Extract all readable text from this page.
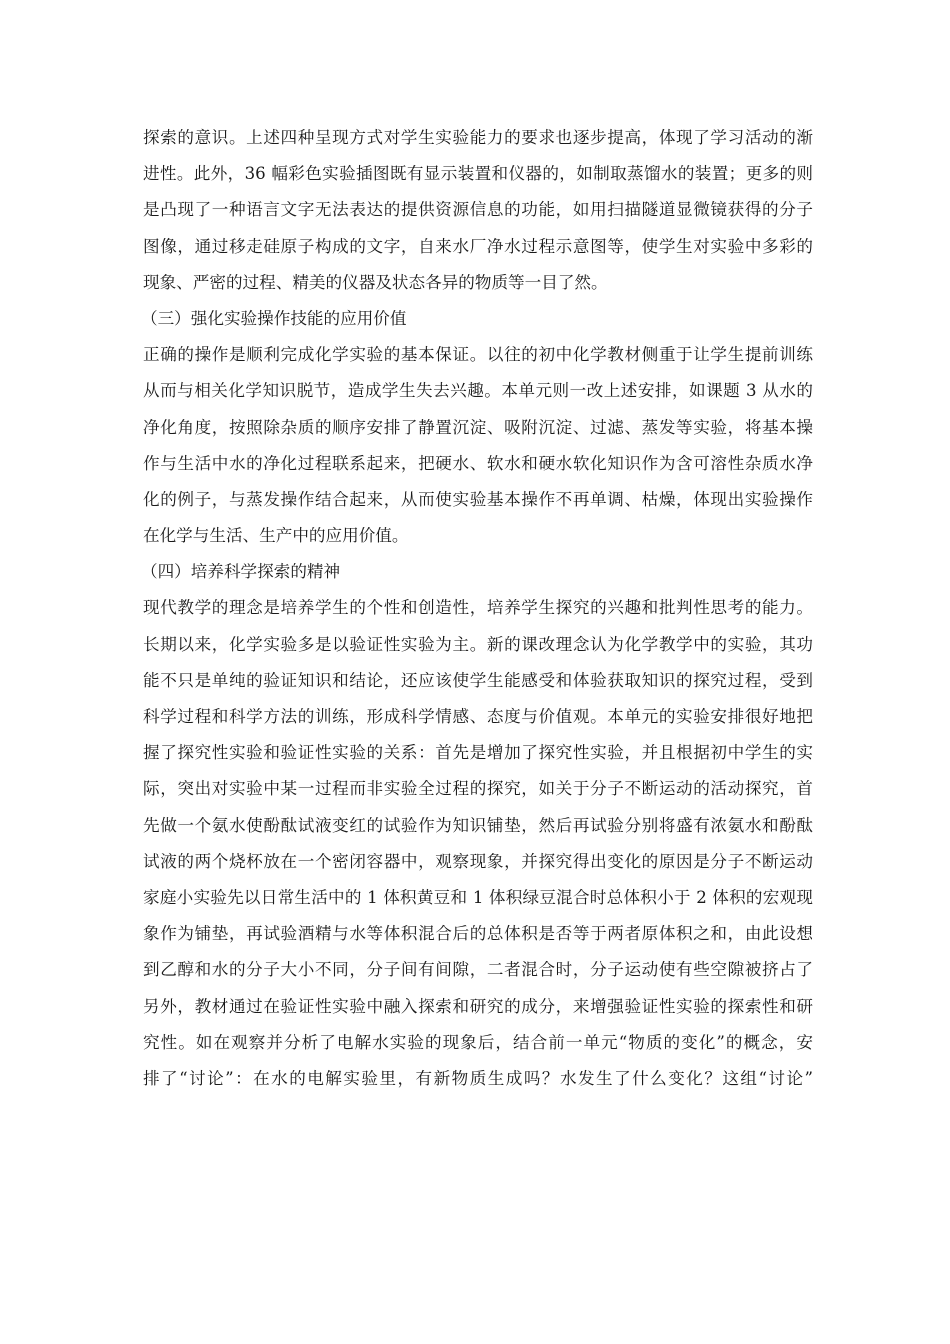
探索的意识。上述四种呈现方式对学生实验能力的要求也逐步提高，体现了学习活动的渐
进性。此外，36 幅彩色实验插图既有显示装置和仪器的，如制取蒸馏水的装置；更多的则
是凸现了一种语言文字无法表达的提供资源信息的功能，如用扫描隧道显微镜获得的分子
图像，通过移走硅原子构成的文字，自来水厂净水过程示意图等，使学生对实验中多彩的
现象、严密的过程、精美的仪器及状态各异的物质等一目了然。
（三）强化实验操作技能的应用价值
正确的操作是顺利完成化学实验的基本保证。以往的初中化学教材侧重于让学生提前训练
从而与相关化学知识脱节，造成学生失去兴趣。本单元则一改上述安排，如课题 3 从水的
净化角度，按照除杂质的顺序安排了静置沉淀、吸附沉淀、过滤、蒸发等实验，将基本操
作与生活中水的净化过程联系起来，把硬水、软水和硬水软化知识作为含可溶性杂质水净
化的例子，与蒸发操作结合起来，从而使实验基本操作不再单调、枯燥，体现出实验操作
在化学与生活、生产中的应用价值。
（四）培养科学探索的精神
现代教学的理念是培养学生的个性和创造性，培养学生探究的兴趣和批判性思考的能力。
长期以来，化学实验多是以验证性实验为主。新的课改理念认为化学教学中的实验，其功
能不只是单纯的验证知识和结论，还应该使学生能感受和体验获取知识的探究过程，受到
科学过程和科学方法的训练，形成科学情感、态度与价值观。本单元的实验安排很好地把
握了探究性实验和验证性实验的关系：首先是增加了探究性实验，并且根据初中学生的实
际，突出对实验中某一过程而非实验全过程的探究，如关于分子不断运动的活动探究，首
先做一个氨水使酚酞试液变红的试验作为知识铺垫，然后再试验分别将盛有浓氨水和酚酞
试液的两个烧杯放在一个密闭容器中，观察现象，并探究得出变化的原因是分子不断运动
家庭小实验先以日常生活中的 1 体积黄豆和 1 体积绿豆混合时总体积小于 2 体积的宏观现
象作为铺垫，再试验酒精与水等体积混合后的总体积是否等于两者原体积之和，由此设想
到乙醇和水的分子大小不同，分子间有间隙，二者混合时，分子运动使有些空隙被挤占了
另外，教材通过在验证性实验中融入探索和研究的成分，来增强验证性实验的探索性和研
究性。如在观察并分析了电解水实验的现象后，结合前一单元“物质的变化”的概念，安
排了“讨论”：在水的电解实验里，有新物质生成吗？水发生了什么变化？这组“讨论”
